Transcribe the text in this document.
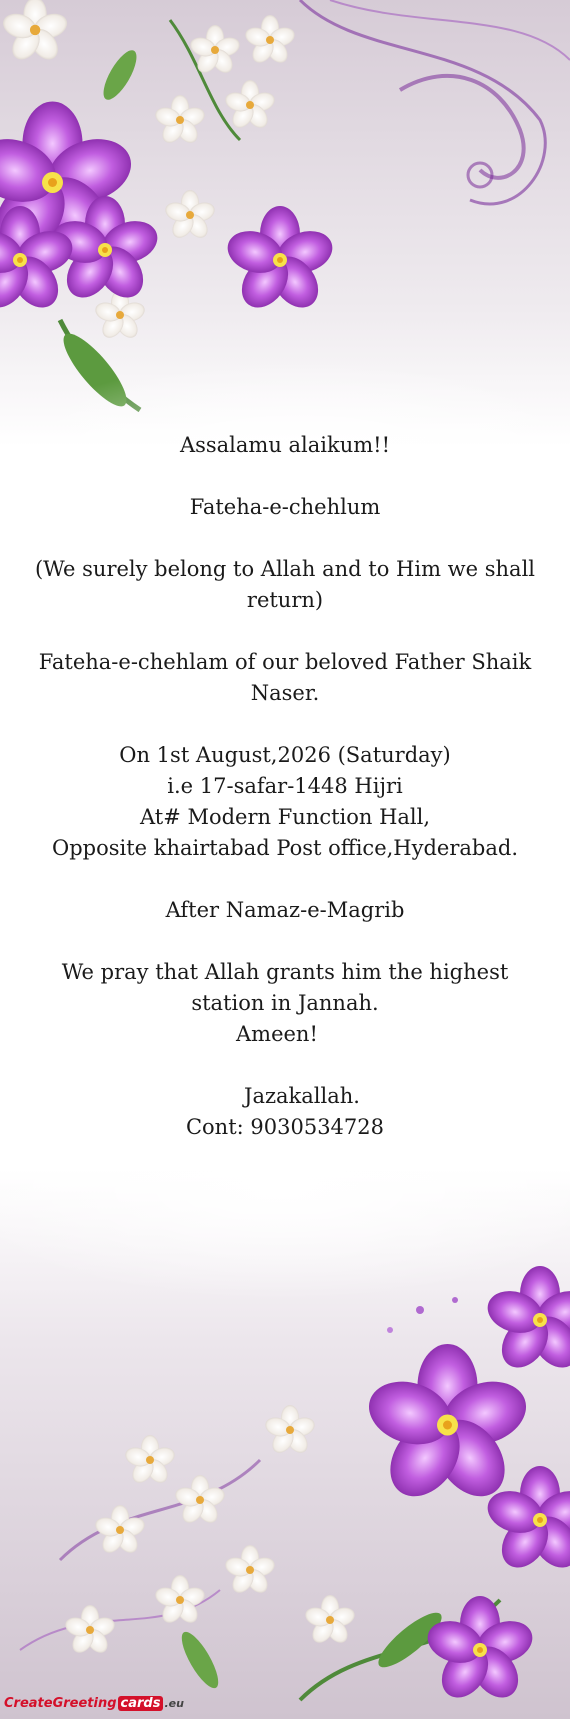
Assalamu alaikum!!
Fateha-e-chehlum
(We surely belong to Allah and to Him we shall return)
Fateha-e-chehlam of our beloved Father Shaik Naser.
On 1st August,2026 (Saturday)
i.e 17-safar-1448 Hijri
At# Modern Function Hall,
Opposite khairtabad Post office,Hyderabad.
After Namaz-e-Magrib
We pray that Allah grants him the highest station in Jannah.
Ameen!
Jazakallah.
Cont: 9030534728
CreateGreeting cards .eu
